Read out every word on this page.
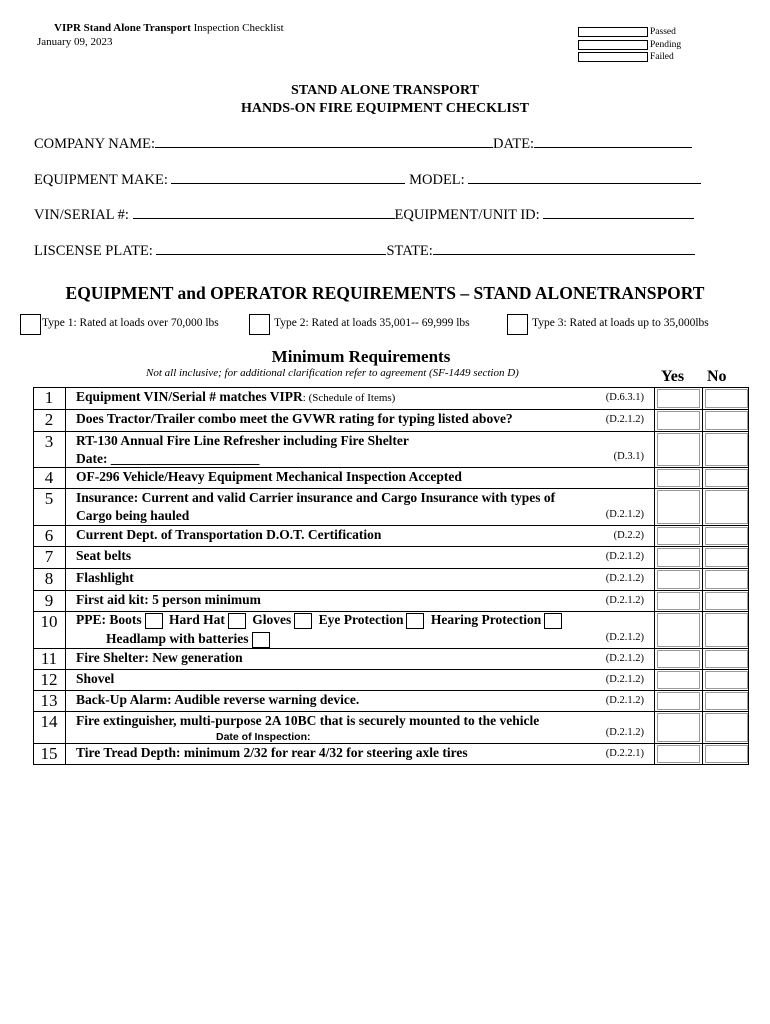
VIPR Stand Alone Transport Inspection Checklist
January 09, 2023
Passed
Pending
Failed
STAND ALONE TRANSPORT
HANDS-ON FIRE EQUIPMENT CHECKLIST
COMPANY NAME:	DATE:
EQUIPMENT MAKE:	MODEL:
VIN/SERIAL #:	EQUIPMENT/UNIT ID:
LISCENSE PLATE:	STATE:
EQUIPMENT and OPERATOR REQUIREMENTS – STAND ALONETRANSPORT
Type 1: Rated at loads over 70,000 lbs	Type 2: Rated at loads 35,001-- 69,999 lbs	Type 3: Rated at loads up to 35,000lbs
Minimum Requirements
Not all inclusive; for additional clarification refer to agreement (SF-1449 section D)	Yes No
1	Equipment VIN/Serial # matches VIPR: (Schedule of Items)	(D.6.3.1)
2	Does Tractor/Trailer combo meet the GVWR rating for typing listed above?	(D.2.1.2)
3	RT-130 Annual Fire Line Refresher including Fire Shelter
Date: ______________________	(D.3.1)
4	OF-296 Vehicle/Heavy Equipment Mechanical Inspection Accepted
5	Insurance: Current and valid Carrier insurance and Cargo Insurance with types of
Cargo being hauled	(D.2.1.2)
6	Current Dept. of Transportation D.O.T. Certification	(D.2.2)
7	Seat belts	(D.2.1.2)
8	Flashlight	(D.2.1.2)
9	First aid kit: 5 person minimum	(D.2.1.2)
10	PPE: Boots Hard Hat Gloves Eye Protection Hearing Protection
Headlamp with batteries	(D.2.1.2)
11	Fire Shelter: New generation	(D.2.1.2)
12	Shovel	(D.2.1.2)
13	Back-Up Alarm: Audible reverse warning device.	(D.2.1.2)
14	Fire extinguisher, multi-purpose 2A 10BC that is securely mounted to the vehicle
Date of Inspection:	(D.2.1.2)
15	Tire Tread Depth: minimum 2/32 for rear 4/32 for steering axle tires	(D.2.2.1)
